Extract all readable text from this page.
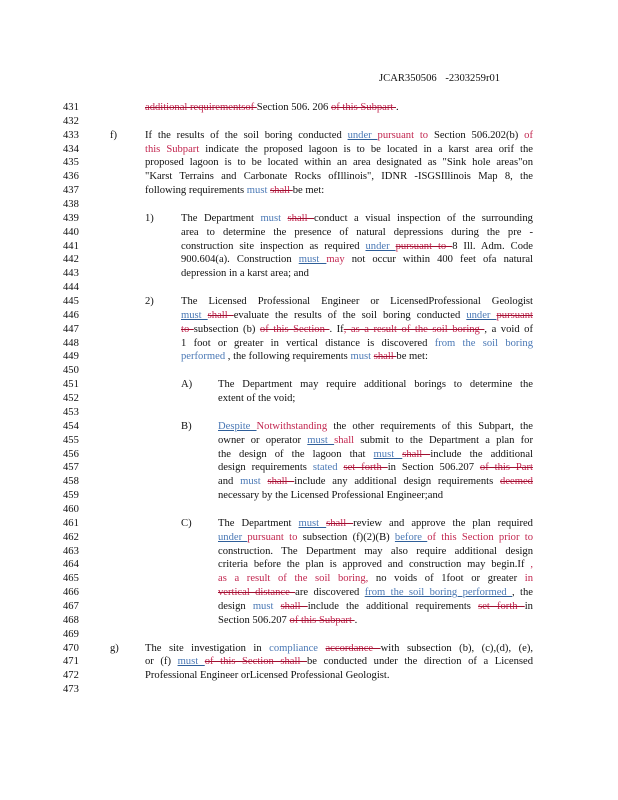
JCAR350506 -2303259r01
431	additional requirementsof Section 506. 206 of this Subpart .
432
433	f)	If the results of the soil boring conducted under pursuant to Section 506.202(b) of
434	this Subpart indicate the proposed lagoon is to be located in a karst area orif the
435	proposed lagoon is to be located within an area designated as "Sink hole areas"on
436	"Karst Terrains and Carbonate Rocks ofIllinois", IDNR -ISGSIllinois Map 8, the
437	following requirements must shall be met:
438
439	1)	The Department must shall conduct a visual inspection of the surrounding
440	area to determine the presence of natural depressions during the pre -
441	construction site inspection as required under pursuant to 8 Ill. Adm. Code
442	900.604(a). Construction must may not occur within 400 feet ofa natural
443	depression in a karst area; and
444
445	2)	The Licensed Professional Engineer or LicensedProfessional Geologist
446	must shall evaluate the results of the soil boring conducted under pursuant
447	to subsection (b) of this Section . If, as a result of the soil boring , a void of
448	1 foot or greater in vertical distance is discovered from the soil boring
449	performed , the following requirements must shall be met:
450
451	A) The Department may require additional borings to determine the
452	extent of the void;
453
454	B) Despite Notwithstanding the other requirements of this Subpart, the
455	owner or operator must shall submit to the Department a plan for
456	the design of the lagoon that must shall include the additional
457	design requirements stated set forth in Section 506.207 of this Part
458	and must shall include any additional design requirements deemed
459	necessary by the Licensed Professional Engineer;and
460
461	C) The Department must shall review and approve the plan required
462	under pursuant to subsection (f)(2)(B) before of this Section prior to
463	construction. The Department may also require additional design
464	criteria before the plan is approved and construction may begin.If ,
465	as a result of the soil boring, no voids of 1foot or greater in
466	vertical distance are discovered from the soil boring performed , the
467	design must shall include the additional requirements set forth in
468	Section 506.207 of this Subpart .
469
470	g) The site investigation in compliance accordance with subsection (b), (c),(d), (e),
471	or (f) must of this Section shall be conducted under the direction of a Licensed
472	Professional Engineer orLicensed Professional Geologist.
473
